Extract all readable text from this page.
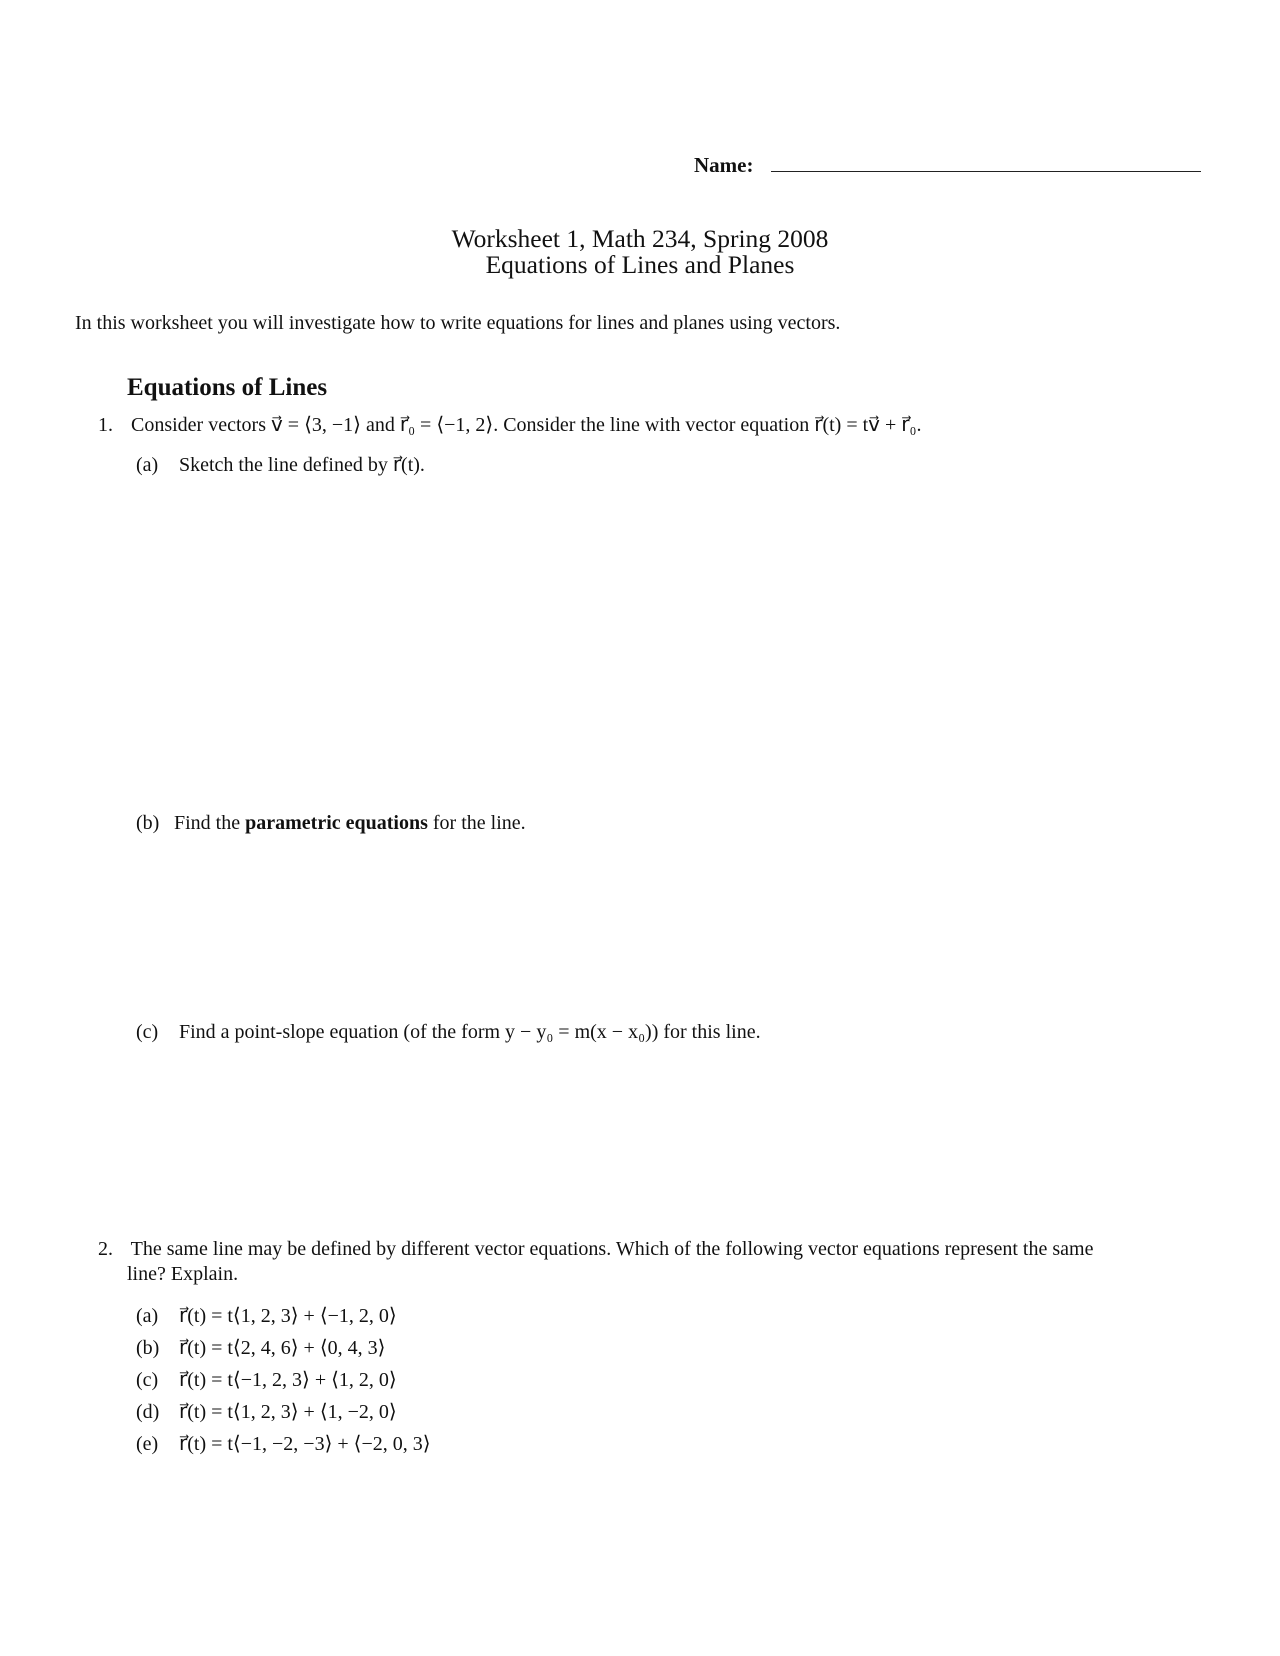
Name:
Worksheet 1, Math 234, Spring 2008
Equations of Lines and Planes
In this worksheet you will investigate how to write equations for lines and planes using vectors.
Equations of Lines
1. Consider vectors v⃗ = ⟨3, −1⟩ and r⃗₀ = ⟨−1, 2⟩. Consider the line with vector equation r⃗(t) = tv⃗ + r⃗₀.
(a) Sketch the line defined by r⃗(t).
(b) Find the parametric equations for the line.
(c) Find a point-slope equation (of the form y − y₀ = m(x − x₀)) for this line.
2. The same line may be defined by different vector equations. Which of the following vector equations represent the same
line? Explain.
(a) r⃗(t) = t⟨1, 2, 3⟩ + ⟨−1, 2, 0⟩
(b) r⃗(t) = t⟨2, 4, 6⟩ + ⟨0, 4, 3⟩
(c) r⃗(t) = t⟨−1, 2, 3⟩ + ⟨1, 2, 0⟩
(d) r⃗(t) = t⟨1, 2, 3⟩ + ⟨1, −2, 0⟩
(e) r⃗(t) = t⟨−1, −2, −3⟩ + ⟨−2, 0, 3⟩
